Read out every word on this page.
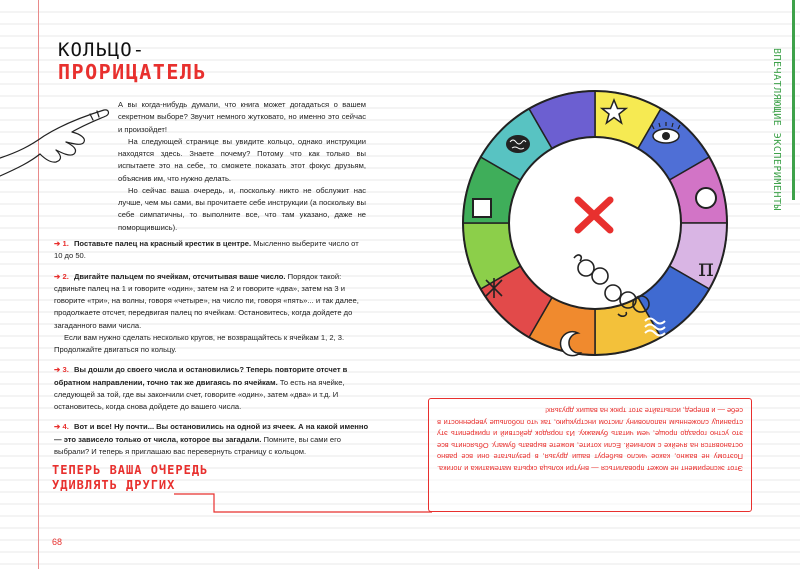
КОЛЬЦО-
ПРОРИЦАТЕЛЬ

А вы когда-нибудь думали, что книга может догадаться о вашем секретном выборе? Звучит немного жутковато, но именно это сейчас и произойдет!

На следующей странице вы увидите кольцо, однако инструкции находятся здесь. Знаете почему? Потому что как только вы испытаете это на себе, то сможете показать этот фокус друзьям, объяснив им, что нужно делать.

Но сейчас ваша очередь, и, поскольку никто не обслужит нас лучше, чем мы сами, вы прочитаете себе инструкции (а поскольку вы себе симпатичны, то выполните все, что там указано, даже не поморщившись).

➔ 1. Поставьте палец на красный крестик в центре. Мысленно выберите число от 10 до 50.

➔ 2. Двигайте пальцем по ячейкам, отсчитывая ваше число. Порядок такой: сдвиньте палец на 1 и говорите «один», затем на 2 и говорите «два», затем на 3 и говорите «три», на волны, говоря «четыре», на число пи, говоря «пять»... и так далее, продолжаете отсчет, передвигая палец по ячейкам. Остановитесь, когда дойдете до загаданного вами числа.
Если вам нужно сделать несколько кругов, не возвращайтесь к ячейкам 1, 2, 3. Продолжайте двигаться по кольцу.

➔ 3. Вы дошли до своего числа и остановились? Теперь повторите отсчет в обратном направлении, точно так же двигаясь по ячейкам. То есть на ячейке, следующей за той, где вы закончили счет, говорите «один», затем «два» и т.д. И остановитесь, когда снова дойдете до вашего числа.

➔ 4. Вот и все! Ну почти... Вы остановились на одной из ячеек. А на какой именно — это зависело только от числа, которое вы загадали. Помните, вы сами его выбрали? И теперь я приглашаю вас перевернуть страницу с кольцом.

ТЕПЕРЬ ВАША ОЧЕРЕДЬ
УДИВЛЯТЬ ДРУГИХ
68
ВПЕЧАТЛЯЮЩИЕ ЭКСПЕРИМЕНТЫ
π

Этот эксперимент не может провалиться — внутри кольца скрыта математика и логика. Поэтому не важно, какое число выберут ваши друзья, в результате они все равно остановятся на ячейке с молнией. Если хотите, можете вырвать бумагу. Объяснить все это устно гораздо проще, чем читать бумажку. Из порядок действий и прикрепить эту страницу сложенным наполовину листом инструкцию, так что побольше уверенности в себе — и вперед, испытайте этот трюк на ваших друзьях!
